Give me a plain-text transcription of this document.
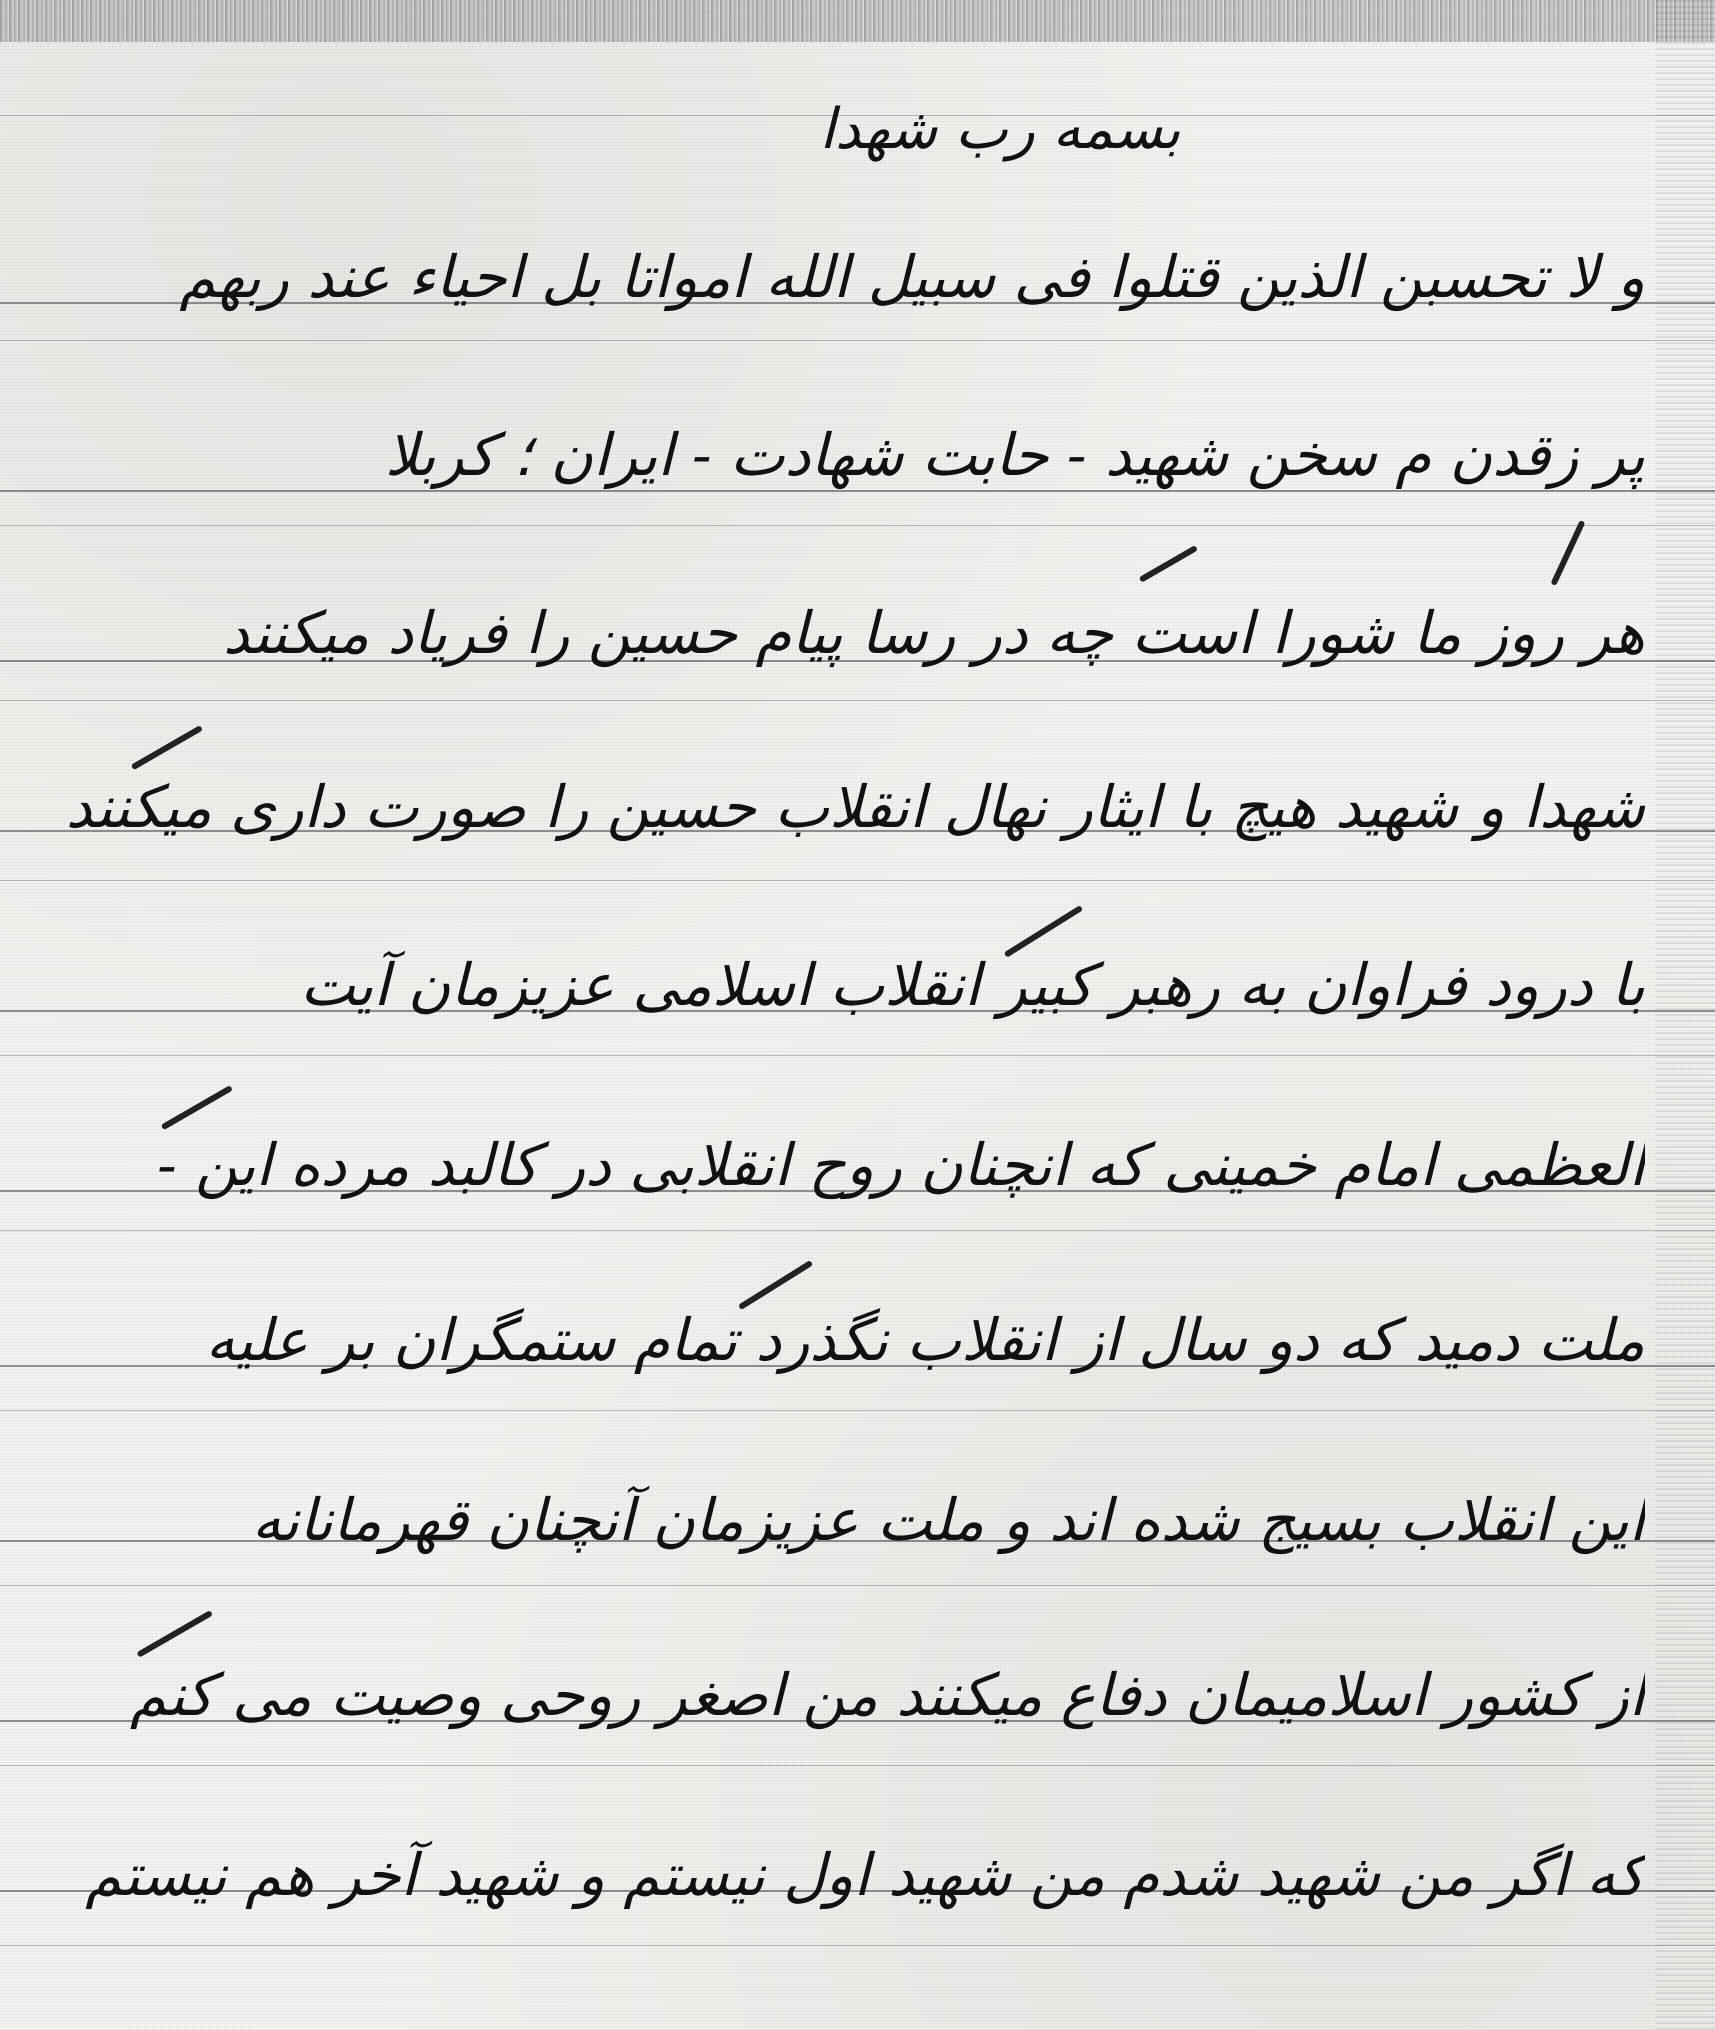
بسمه رب شهدا

و لا تحسبن الذین قتلوا فی سبیل الله امواتا بل احیاء عند ربهم

پر زقدن م سخن شهید - حابت شهادت - ایران ؛ کربلا

هر روز ما شورا است چه در رسا پیام حسین را فریاد میکنند

شهدا و شهید هیچ با ایثار نهال انقلاب حسین را صورت داری میکنند

با درود فراوان به رهبر کبیر انقلاب اسلامی عزیزمان آیت

العظمی امام خمینی که انچنان روح انقلابی در کالبد مرده این -

ملت دمید که دو سال از انقلاب نگذرد تمام ستمگران بر علیه

این انقلاب بسیج شده اند و ملت عزیزمان آنچنان قهرمانانه

از کشور اسلامیمان دفاع میکنند من اصغر روحی وصیت می کنم

که اگر من شهید شدم من شهید اول نیستم و شهید آخر هم نیستم
